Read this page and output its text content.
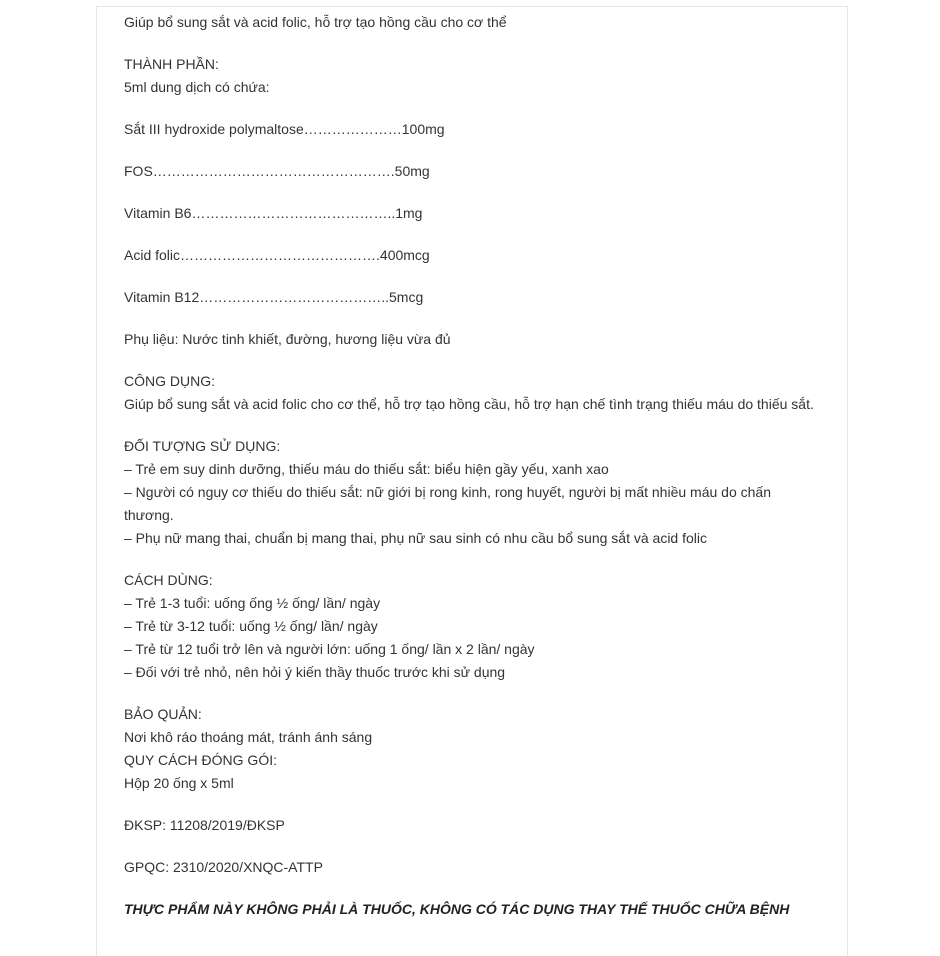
Giúp bổ sung sắt và acid folic, hỗ trợ tạo hồng cầu cho cơ thể
THÀNH PHẦN:
5ml dung dịch có chứa:
Sắt III hydroxide polymaltose…………………100mg
FOS…………………………………………….50mg
Vitamin B6……………………………………..1mg
Acid folic…………………………………….400mcg
Vitamin B12…………………………………..5mcg
Phụ liệu: Nước tinh khiết, đường, hương liệu vừa đủ
CÔNG DỤNG:
Giúp bổ sung sắt và acid folic cho cơ thể, hỗ trợ tạo hồng cầu, hỗ trợ hạn chế tình trạng thiếu máu do thiếu sắt.
ĐỐI TƯỢNG SỬ DỤNG:
– Trẻ em suy dinh dưỡng, thiếu máu do thiếu sắt: biểu hiện gầy yếu, xanh xao
– Người có nguy cơ thiếu do thiếu sắt: nữ giới bị rong kinh, rong huyết, người bị mất nhiều máu do chấn thương.
– Phụ nữ mang thai, chuẩn bị mang thai, phụ nữ sau sinh có nhu cầu bổ sung sắt và acid folic
CÁCH DÙNG:
– Trẻ 1-3 tuổi: uống ống ½ ống/ lần/ ngày
– Trẻ từ 3-12 tuổi: uống ½ ống/ lần/ ngày
– Trẻ từ 12 tuổi trở lên và người lớn: uống 1 ống/ lần x 2 lần/ ngày
– Đối với trẻ nhỏ, nên hỏi ý kiến thầy thuốc trước khi sử dụng
BẢO QUẢN:
Nơi khô ráo thoáng mát, tránh ánh sáng
QUY CÁCH ĐÓNG GÓI:
Hộp 20 ống x 5ml
ĐKSP: 11208/2019/ĐKSP
GPQC: 2310/2020/XNQC-ATTP
THỰC PHẨM NÀY KHÔNG PHẢI LÀ THUỐC, KHÔNG CÓ TÁC DỤNG THAY THẾ THUỐC CHỮA BỆNH
